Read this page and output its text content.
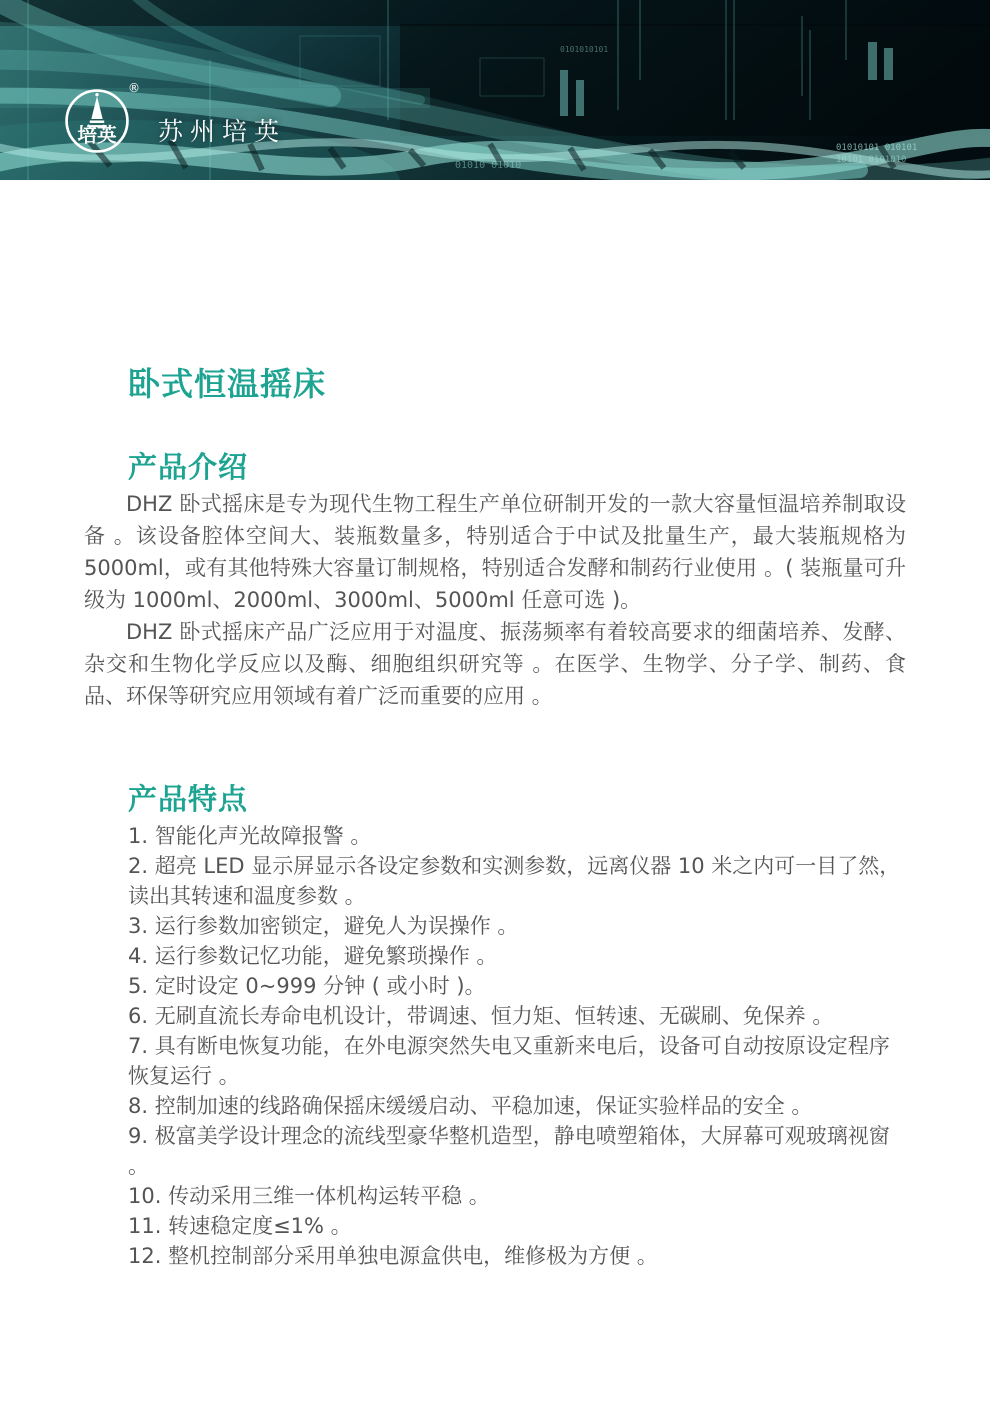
01010101 010101
10101 0101010
01010 01010
0101010101
培英
®
苏州培英
卧式恒温摇床
产品介绍

DHZ 卧式摇床是专为现代生物工程生产单位研制开发的一款大容量恒温培养制取设备 。该设备腔体空间大、装瓶数量多，特别适合于中试及批量生产，最大装瓶规格为 5000ml，或有其他特殊大容量订制规格，特别适合发酵和制药行业使用 。( 装瓶量可升级为 1000ml、2000ml、3000ml、5000ml 任意可选 )。

DHZ 卧式摇床产品广泛应用于对温度、振荡频率有着较高要求的细菌培养、发酵、杂交和生物化学反应以及酶、细胞组织研究等 。在医学、生物学、分子学、制药、食品、环保等研究应用领域有着广泛而重要的应用 。

产品特点
1. 智能化声光故障报警 。
2. 超亮 LED 显示屏显示各设定参数和实测参数，远离仪器 10 米之内可一目了然，读出其转速和温度参数 。
3. 运行参数加密锁定，避免人为误操作 。
4. 运行参数记忆功能，避免繁琐操作 。
5. 定时设定 0~999 分钟 ( 或小时 )。
6. 无刷直流长寿命电机设计，带调速、恒力矩、恒转速、无碳刷、免保养 。
7. 具有断电恢复功能，在外电源突然失电又重新来电后，设备可自动按原设定程序恢复运行 。
8. 控制加速的线路确保摇床缓缓启动、平稳加速，保证实验样品的安全 。
9. 极富美学设计理念的流线型豪华整机造型，静电喷塑箱体，大屏幕可观玻璃视窗 。
10. 传动采用三维一体机构运转平稳 。
11. 转速稳定度≤1% 。
12. 整机控制部分采用单独电源盒供电，维修极为方便 。
